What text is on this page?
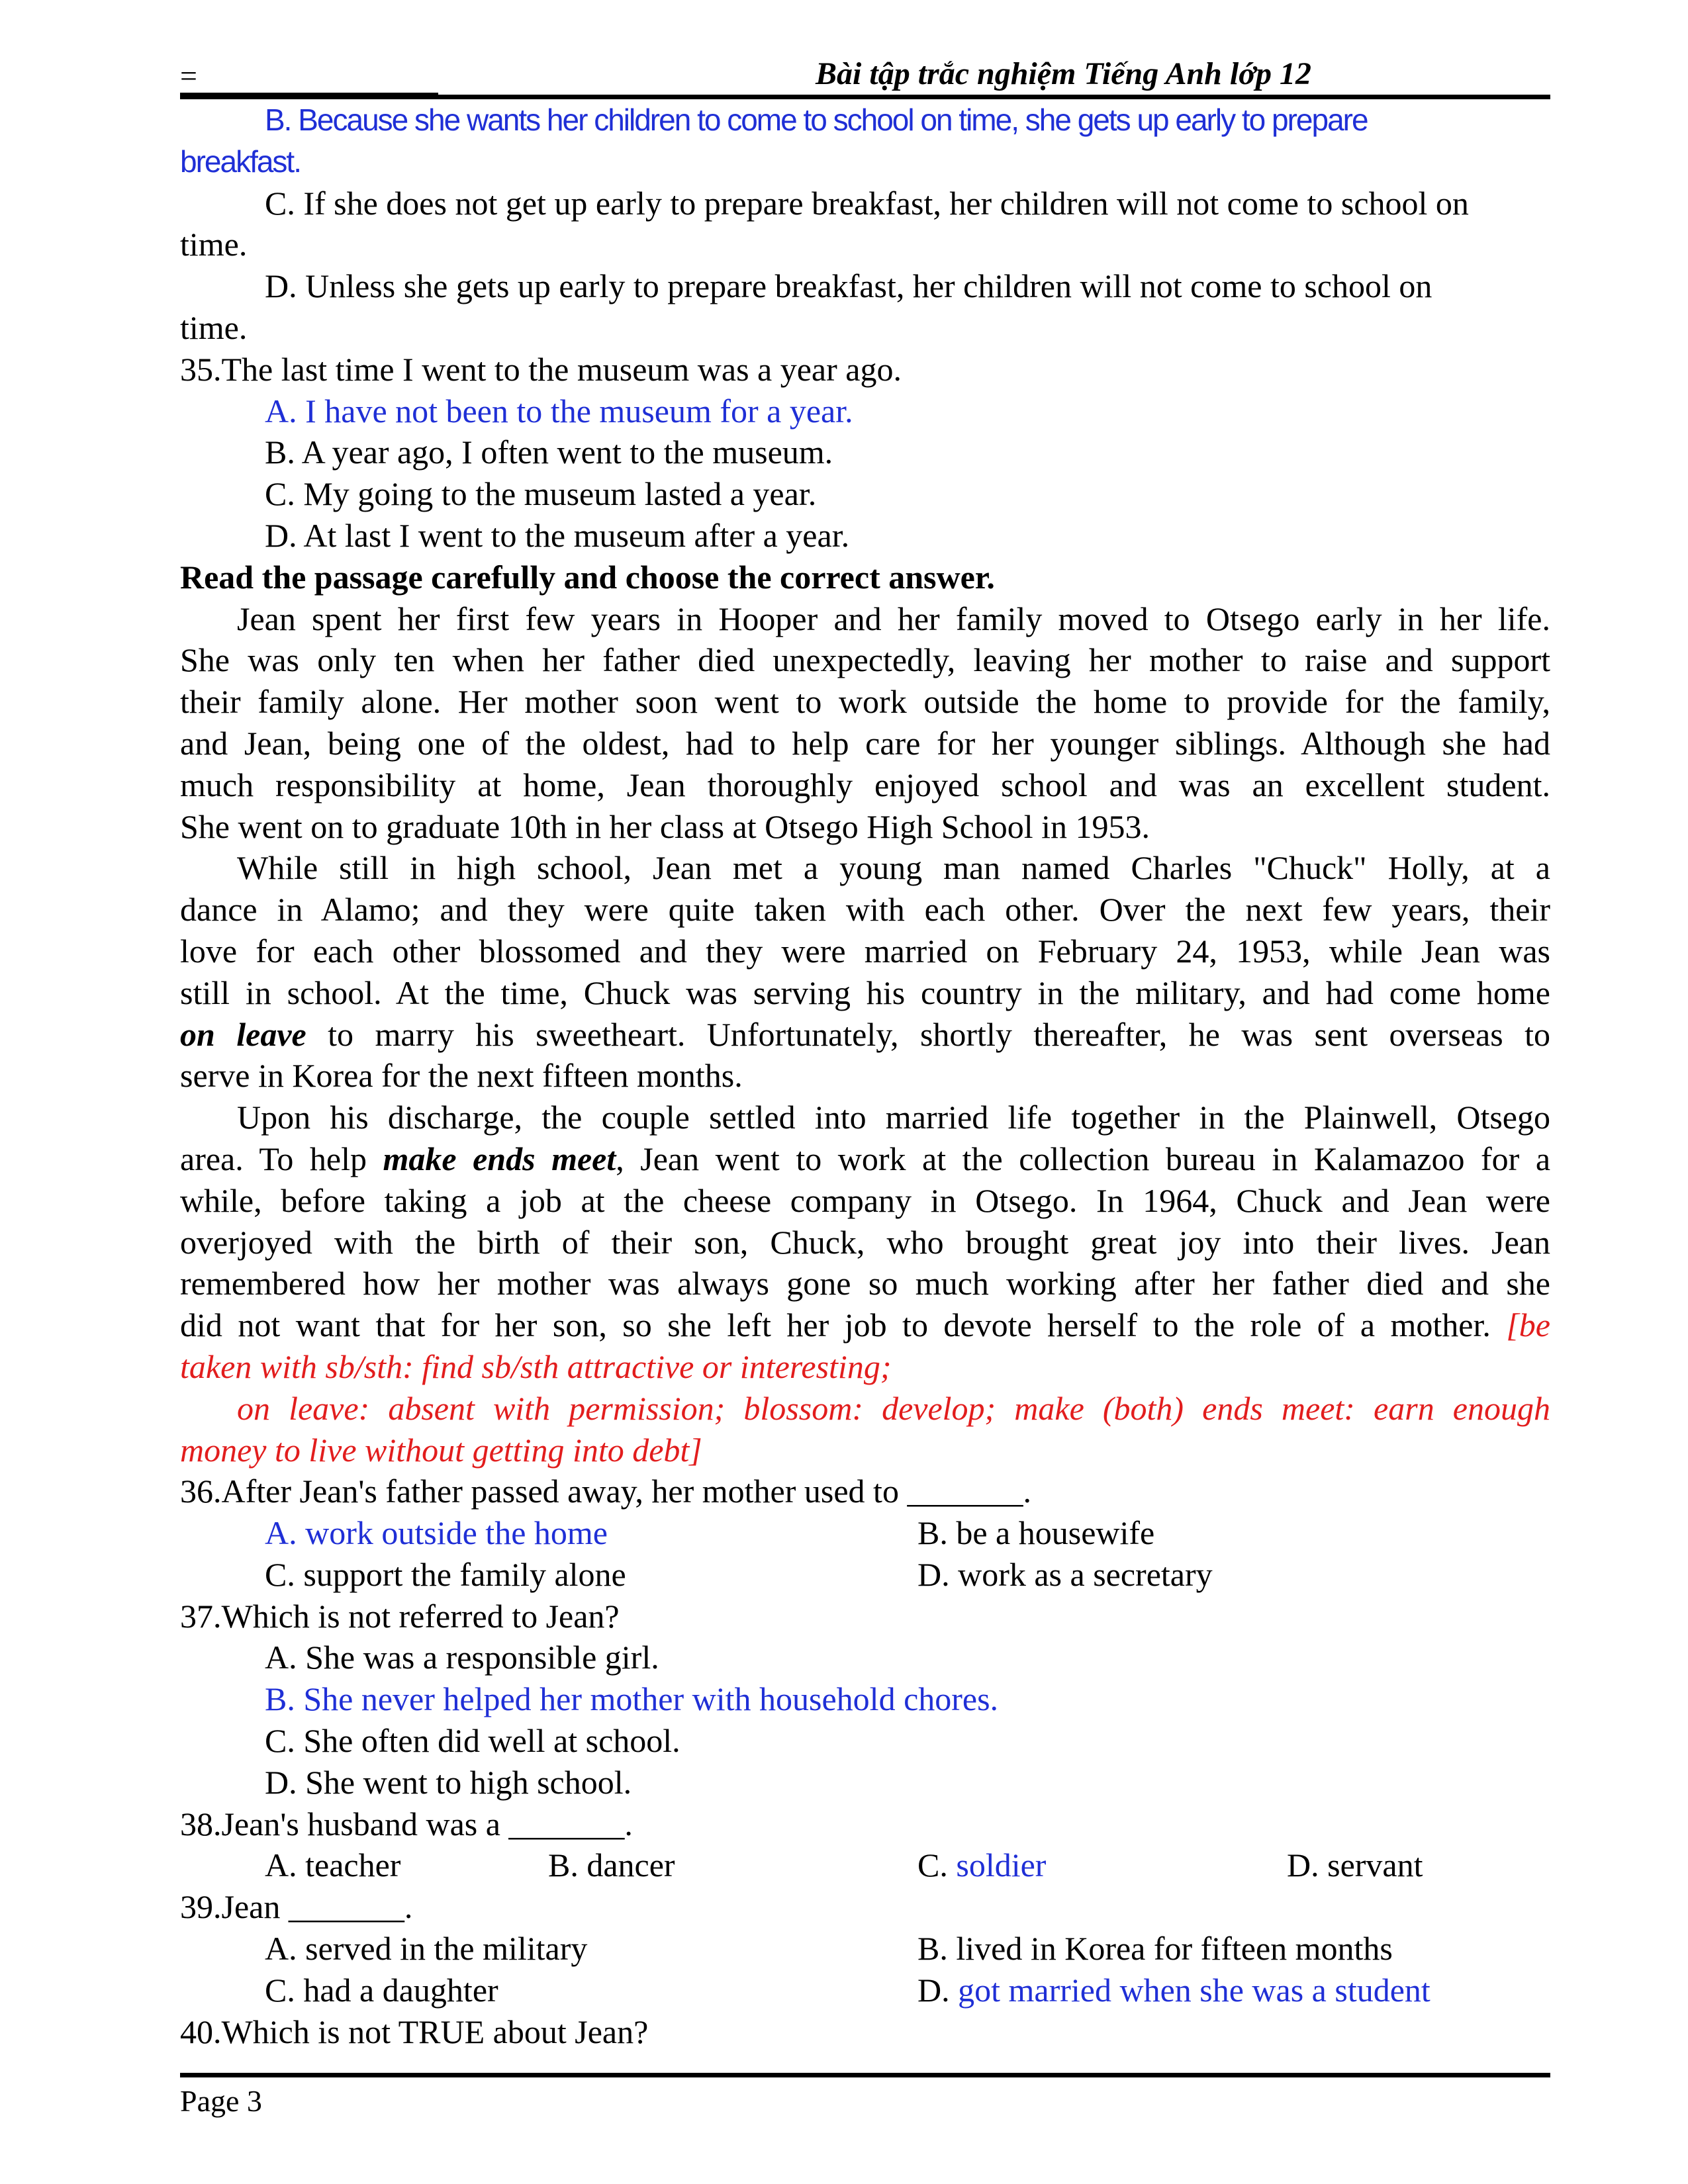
=	Bài tập trắc nghiệm Tiếng Anh lớp 12
B. Because she wants her children to come to school on time, she gets up early to prepare
breakfast.
C. If she does not get up early to prepare breakfast, her children will not come to school on
time.
D. Unless she gets up early to prepare breakfast, her children will not come to school on
time.
35.The last time I went to the museum was a year ago.
A. I have not been to the museum for a year.
B. A year ago, I often went to the museum.
C. My going to the museum lasted a year.
D. At last I went to the museum after a year.
Read the passage carefully and choose the correct answer.
Jean spent her first few years in Hooper and her family moved to Otsego early in her life.
She was only ten when her father died unexpectedly, leaving her mother to raise and support
their family alone. Her mother soon went to work outside the home to provide for the family,
and Jean, being one of the oldest, had to help care for her younger siblings. Although she had
much responsibility at home, Jean thoroughly enjoyed school and was an excellent student.
She went on to graduate 10th in her class at Otsego High School in 1953.
While still in high school, Jean met a young man named Charles "Chuck" Holly, at a
dance in Alamo; and they were quite taken with each other. Over the next few years, their
love for each other blossomed and they were married on February 24, 1953, while Jean was
still in school. At the time, Chuck was serving his country in the military, and had come home
on leave to marry his sweetheart. Unfortunately, shortly thereafter, he was sent overseas to
serve in Korea for the next fifteen months.
Upon his discharge, the couple settled into married life together in the Plainwell, Otsego
area. To help make ends meet, Jean went to work at the collection bureau in Kalamazoo for a
while, before taking a job at the cheese company in Otsego. In 1964, Chuck and Jean were
overjoyed with the birth of their son, Chuck, who brought great joy into their lives. Jean
remembered how her mother was always gone so much working after her father died and she
did not want that for her son, so she left her job to devote herself to the role of a mother. [be
taken with sb/sth: find sb/sth attractive or interesting;
on leave: absent with permission; blossom: develop; make (both) ends meet: earn enough
money to live without getting into debt]
36.After Jean's father passed away, her mother used to _______.
A. work outside the home	B. be a housewife
C. support the family alone	D. work as a secretary
37.Which is not referred to Jean?
A. She was a responsible girl.
B. She never helped her mother with household chores.
C. She often did well at school.
D. She went to high school.
38.Jean's husband was a _______.
A. teacher	B. dancer	C. soldier	D. servant
39.Jean _______.
A. served in the military	B. lived in Korea for fifteen months
C. had a daughter	D. got married when she was a student
40.Which is not TRUE about Jean?
Page 3
